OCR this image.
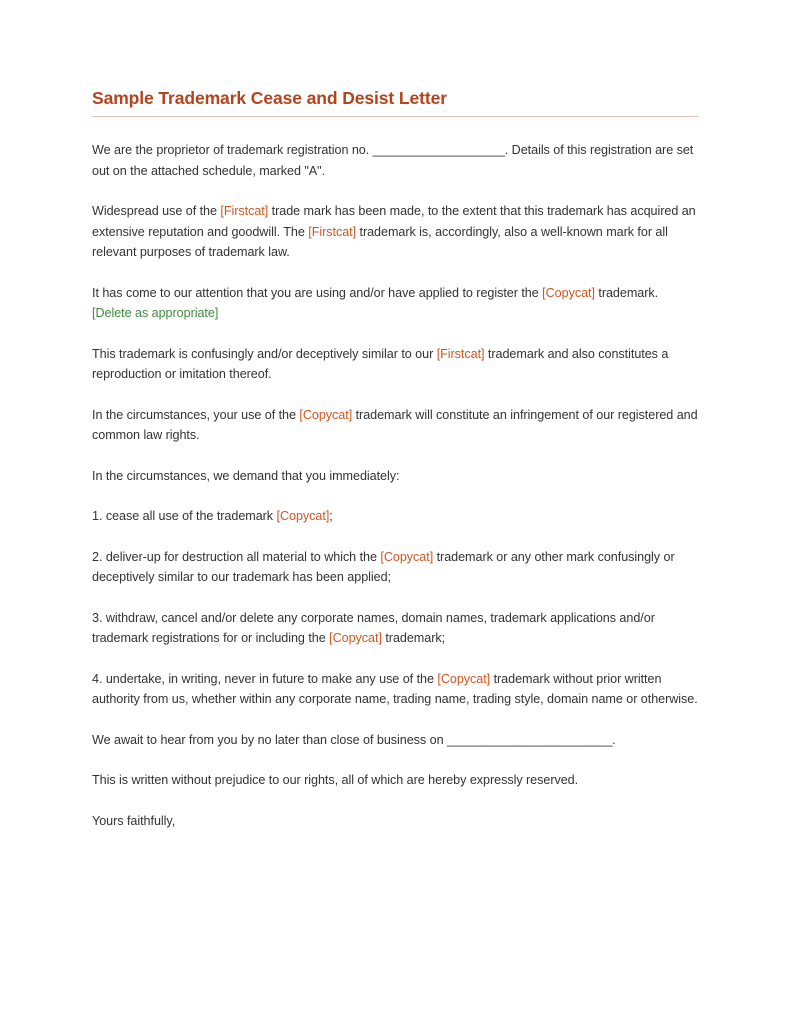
Sample Trademark Cease and Desist Letter

We are the proprietor of trademark registration no. ____________________. Details of this registration are set out on the attached schedule, marked "A".

Widespread use of the [Firstcat] trade mark has been made, to the extent that this trademark has acquired an extensive reputation and goodwill. The [Firstcat] trademark is, accordingly, also a well-known mark for all relevant purposes of trademark law.

It has come to our attention that you are using and/or have applied to register the [Copycat] trademark. [Delete as appropriate]

This trademark is confusingly and/or deceptively similar to our [Firstcat] trademark and also constitutes a reproduction or imitation thereof.

In the circumstances, your use of the [Copycat] trademark will constitute an infringement of our registered and common law rights.

In the circumstances, we demand that you immediately:

1. cease all use of the trademark [Copycat];

2. deliver-up for destruction all material to which the [Copycat] trademark or any other mark confusingly or deceptively similar to our trademark has been applied;

3. withdraw, cancel and/or delete any corporate names, domain names, trademark applications and/or trademark registrations for or including the [Copycat] trademark;

4. undertake, in writing, never in future to make any use of the [Copycat] trademark without prior written authority from us, whether within any corporate name, trading name, trading style, domain name or otherwise.

We await to hear from you by no later than close of business on _________________________.

This is written without prejudice to our rights, all of which are hereby expressly reserved.

Yours faithfully,
